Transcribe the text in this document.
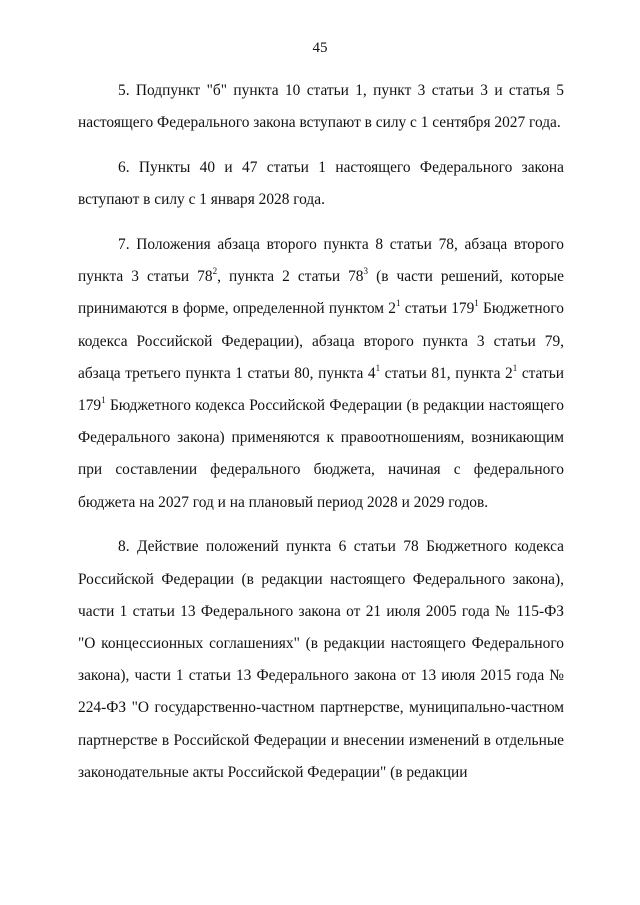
45

5. Подпункт "б" пункта 10 статьи 1, пункт 3 статьи 3 и статья 5 настоящего Федерального закона вступают в силу с 1 сентября 2027 года.

6. Пункты 40 и 47 статьи 1 настоящего Федерального закона вступают в силу с 1 января 2028 года.

7. Положения абзаца второго пункта 8 статьи 78, абзаца второго пункта 3 статьи $78^2$, пункта 2 статьи $78^3$ (в части решений, которые принимаются в форме, определенной пунктом $2^1$ статьи $179^1$ Бюджетного кодекса Российской Федерации), абзаца второго пункта 3 статьи 79, абзаца третьего пункта 1 статьи 80, пункта $4^1$ статьи 81, пункта $2^1$ статьи $179^1$ Бюджетного кодекса Российской Федерации (в редакции настоящего Федерального закона) применяются к правоотношениям, возникающим при составлении федерального бюджета, начиная с федерального бюджета на 2027 год и на плановый период 2028 и 2029 годов.

8. Действие положений пункта 6 статьи 78 Бюджетного кодекса Российской Федерации (в редакции настоящего Федерального закона), части 1 статьи 13 Федерального закона от 21 июля 2005 года № 115-ФЗ "О концессионных соглашениях" (в редакции настоящего Федерального закона), части 1 статьи 13 Федерального закона от 13 июля 2015 года № 224-ФЗ "О государственно-частном партнерстве, муниципально-частном партнерстве в Российской Федерации и внесении изменений в отдельные законодательные акты Российской Федерации" (в редакции
